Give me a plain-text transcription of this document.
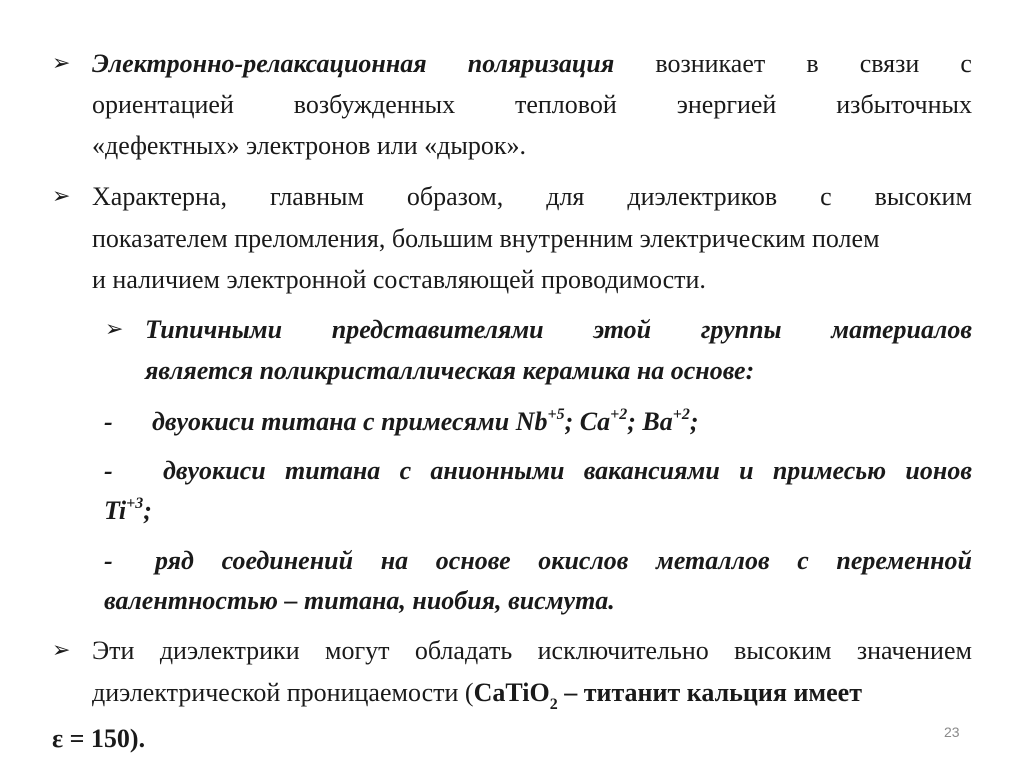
➢ Электронно-релаксационная поляризация возникает в связи с
ориентацией возбужденных тепловой энергией избыточных
«дефектных» электронов или «дырок».
➢ Характерна, главным образом, для диэлектриков с высоким
показателем преломления, большим внутренним электрическим полем
и наличием электронной составляющей проводимости.
➢ Типичными представителями этой группы материалов
является поликристаллическая керамика на основе:
- двуокиси титана с примесями $Nb^{+5}$; $Ca^{+2}$; $Ba^{+2}$;
- двуокиси титана с анионными вакансиями и примесью ионов
$Ti^{+3}$;
- ряд соединений на основе окислов металлов с переменной
валентностью – титана, ниобия, висмута.
➢ Эти диэлектрики могут обладать исключительно высоким значением
диэлектрической проницаемости (CaTiO$_2$ – титанит кальция имеет
ε = 150).	23
